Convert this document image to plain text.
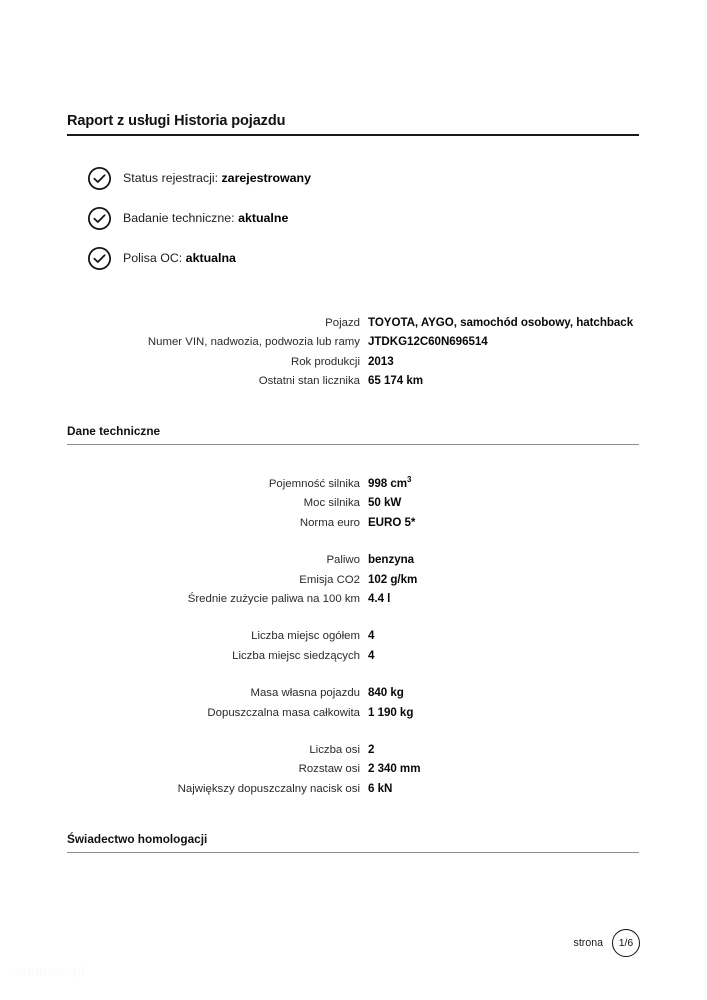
Raport z usługi Historia pojazdu
Status rejestracji: zarejestrowany
Badanie techniczne: aktualne
Polisa OC: aktualna
Pojazd TOYOTA, AYGO, samochód osobowy, hatchback
Numer VIN, nadwozia, podwozia lub ramy JTDKG12C60N696514
Rok produkcji 2013
Ostatni stan licznika 65 174 km
Dane techniczne
Pojemność silnika 998 $cm^3$
Moc silnika 50 kW
Norma euro EURO 5*
Paliwo benzyna
Emisja CO2 102 g/km
Średnie zużycie paliwa na 100 km 4.4 l
Liczba miejsc ogółem 4
Liczba miejsc siedzących 4
Masa własna pojazdu 840 kg
Dopuszczalna masa całkowita 1 190 kg
Liczba osi 2
Rozstaw osi 2 340 mm
Największy dopuszczalny nacisk osi 6 kN
Świadectwo homologacji
strona	1/6
otomoto.pl
